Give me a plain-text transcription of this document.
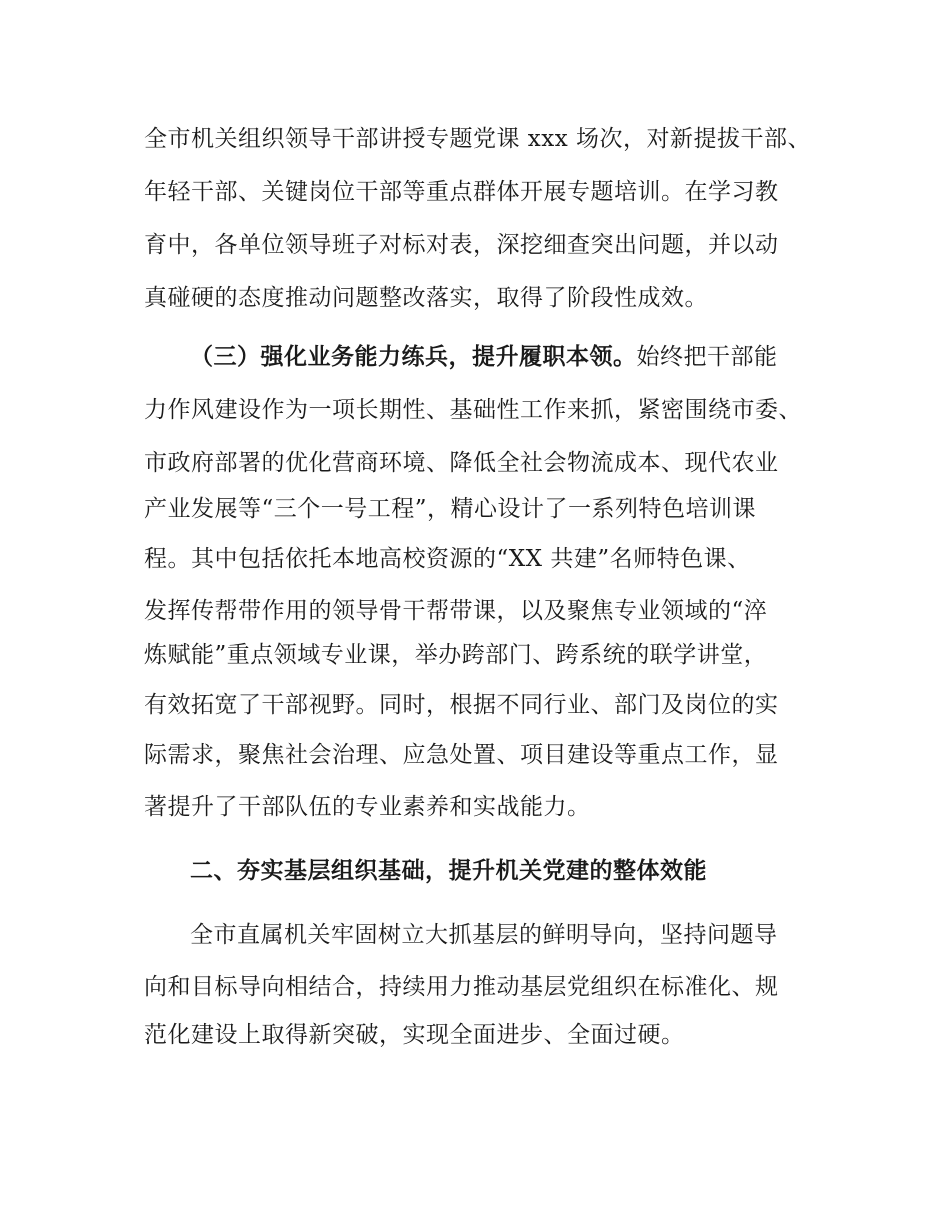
全市机关组织领导干部讲授专题党课 xxx 场次，对新提拔干部、
年轻干部、关键岗位干部等重点群体开展专题培训。在学习教
育中，各单位领导班子对标对表，深挖细查突出问题，并以动
真碰硬的态度推动问题整改落实，取得了阶段性成效。
（三）强化业务能力练兵，提升履职本领。始终把干部能
力作风建设作为一项长期性、基础性工作来抓，紧密围绕市委、
市政府部署的优化营商环境、降低全社会物流成本、现代农业
产业发展等“三个一号工程”，精心设计了一系列特色培训课
程。其中包括依托本地高校资源的“XX 共建”名师特色课、
发挥传帮带作用的领导骨干帮带课，以及聚焦专业领域的“淬
炼赋能”重点领域专业课，举办跨部门、跨系统的联学讲堂，
有效拓宽了干部视野。同时，根据不同行业、部门及岗位的实
际需求，聚焦社会治理、应急处置、项目建设等重点工作，显
著提升了干部队伍的专业素养和实战能力。
二、夯实基层组织基础，提升机关党建的整体效能
全市直属机关牢固树立大抓基层的鲜明导向，坚持问题导
向和目标导向相结合，持续用力推动基层党组织在标准化、规
范化建设上取得新突破，实现全面进步、全面过硬。
